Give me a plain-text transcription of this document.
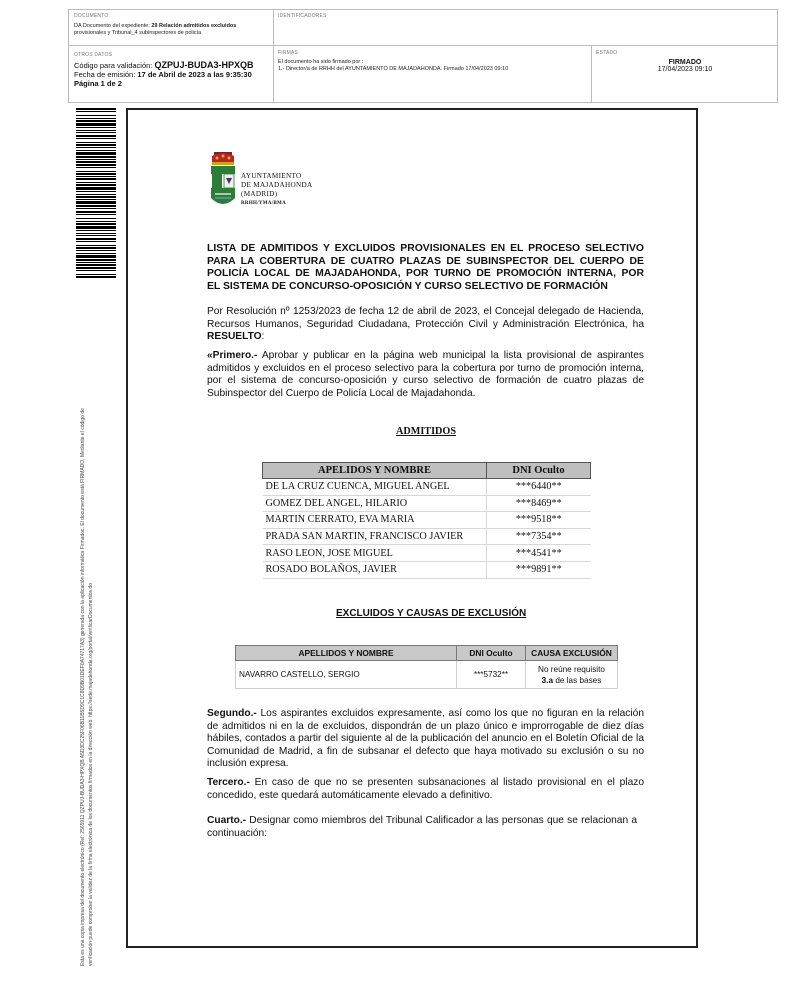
DOCUMENTO
DA Documento del expediente: 29 Relación admitidos excluidos
provisionales y Tribunal_4 subinspectores de policía
IDENTIFICADORES
OTROS DATOS
Código para validación: QZPUJ-BUDA3-HPXQB
Fecha de emisión: 17 de Abril de 2023 a las 9:35:30
Página 1 de 2
FIRMAS
El documento ha sido firmado por :
1.- Director/a de RRHH del AYUNTAMIENTO DE MAJADAHONDA. Firmado 17/04/2023 09:10
ESTADO
FIRMADO
17/04/2023 09:10
Esta es una copia impresa del documento electrónico (Ref: 2565911 QZPUJ-BUDA3-HPXQB A5D3DC25F06B11B5D9C1C8D9B01DEF0A74717A3) generada con la aplicación informática Firmadoc. El documento está FIRMADO. Mediante el código de verificación puede comprobar la validez de la firma electrónica de los documentos firmados en la dirección web: https://sede.majadahonda.org/portal/verificarDocumentos.do
AYUNTAMIENTO
DE MAJADAHONDA
(MADRID)
RRHH/YMA/BMA
LISTA DE ADMITIDOS Y EXCLUIDOS PROVISIONALES EN EL PROCESO SELECTIVO
PARA LA COBERTURA DE CUATRO PLAZAS DE SUBINSPECTOR DEL CUERPO DE
POLICÍA LOCAL DE MAJADAHONDA, POR TURNO DE PROMOCIÓN INTERNA, POR
EL SISTEMA DE CONCURSO-OPOSICIÓN Y CURSO SELECTIVO DE FORMACIÓN
Por Resolución nº 1253/2023 de fecha 12 de abril de 2023, el Concejal delegado de Hacienda, Recursos Humanos, Seguridad Ciudadana, Protección Civil y Administración Electrónica, ha RESUELTO:
«Primero.- Aprobar y publicar en la página web municipal la lista provisional de aspirantes admitidos y excluidos en el proceso selectivo para la cobertura por turno de promoción interna, por el sistema de concurso-oposición y curso selectivo de formación de cuatro plazas de Subinspector del Cuerpo de Policía Local de Majadahonda.
ADMITIDOS
APELIDOS Y NOMBRE	DNI Oculto
DE LA CRUZ CUENCA, MIGUEL ANGEL	***6440**
GOMEZ DEL ANGEL, HILARIO	***8469**
MARTIN CERRATO, EVA MARIA	***9518**
PRADA SAN MARTIN, FRANCISCO JAVIER	***7354**
RASO LEON, JOSE MIGUEL	***4541**
ROSADO BOLAÑOS, JAVIER	***9891**
EXCLUIDOS Y CAUSAS DE EXCLUSIÓN
APELLIDOS Y NOMBRE	DNI Oculto	CAUSA EXCLUSIÓN
NAVARRO CASTELLO, SERGIO	***5732**	No reúne requisito
3.a de las bases
Segundo.- Los aspirantes excluidos expresamente, así como los que no figuran en la relación de admitidos ni en la de excluidos, dispondrán de un plazo único e improrrogable de diez días hábiles, contados a partir del siguiente al de la publicación del anuncio en el Boletín Oficial de la Comunidad de Madrid, a fin de subsanar el defecto que haya motivado su exclusión o su no inclusión expresa.
Tercero.- En caso de que no se presenten subsanaciones al listado provisional en el plazo concedido, este quedará automáticamente elevado a definitivo.
Cuarto.- Designar como miembros del Tribunal Calificador a las personas que se relacionan a continuación:
